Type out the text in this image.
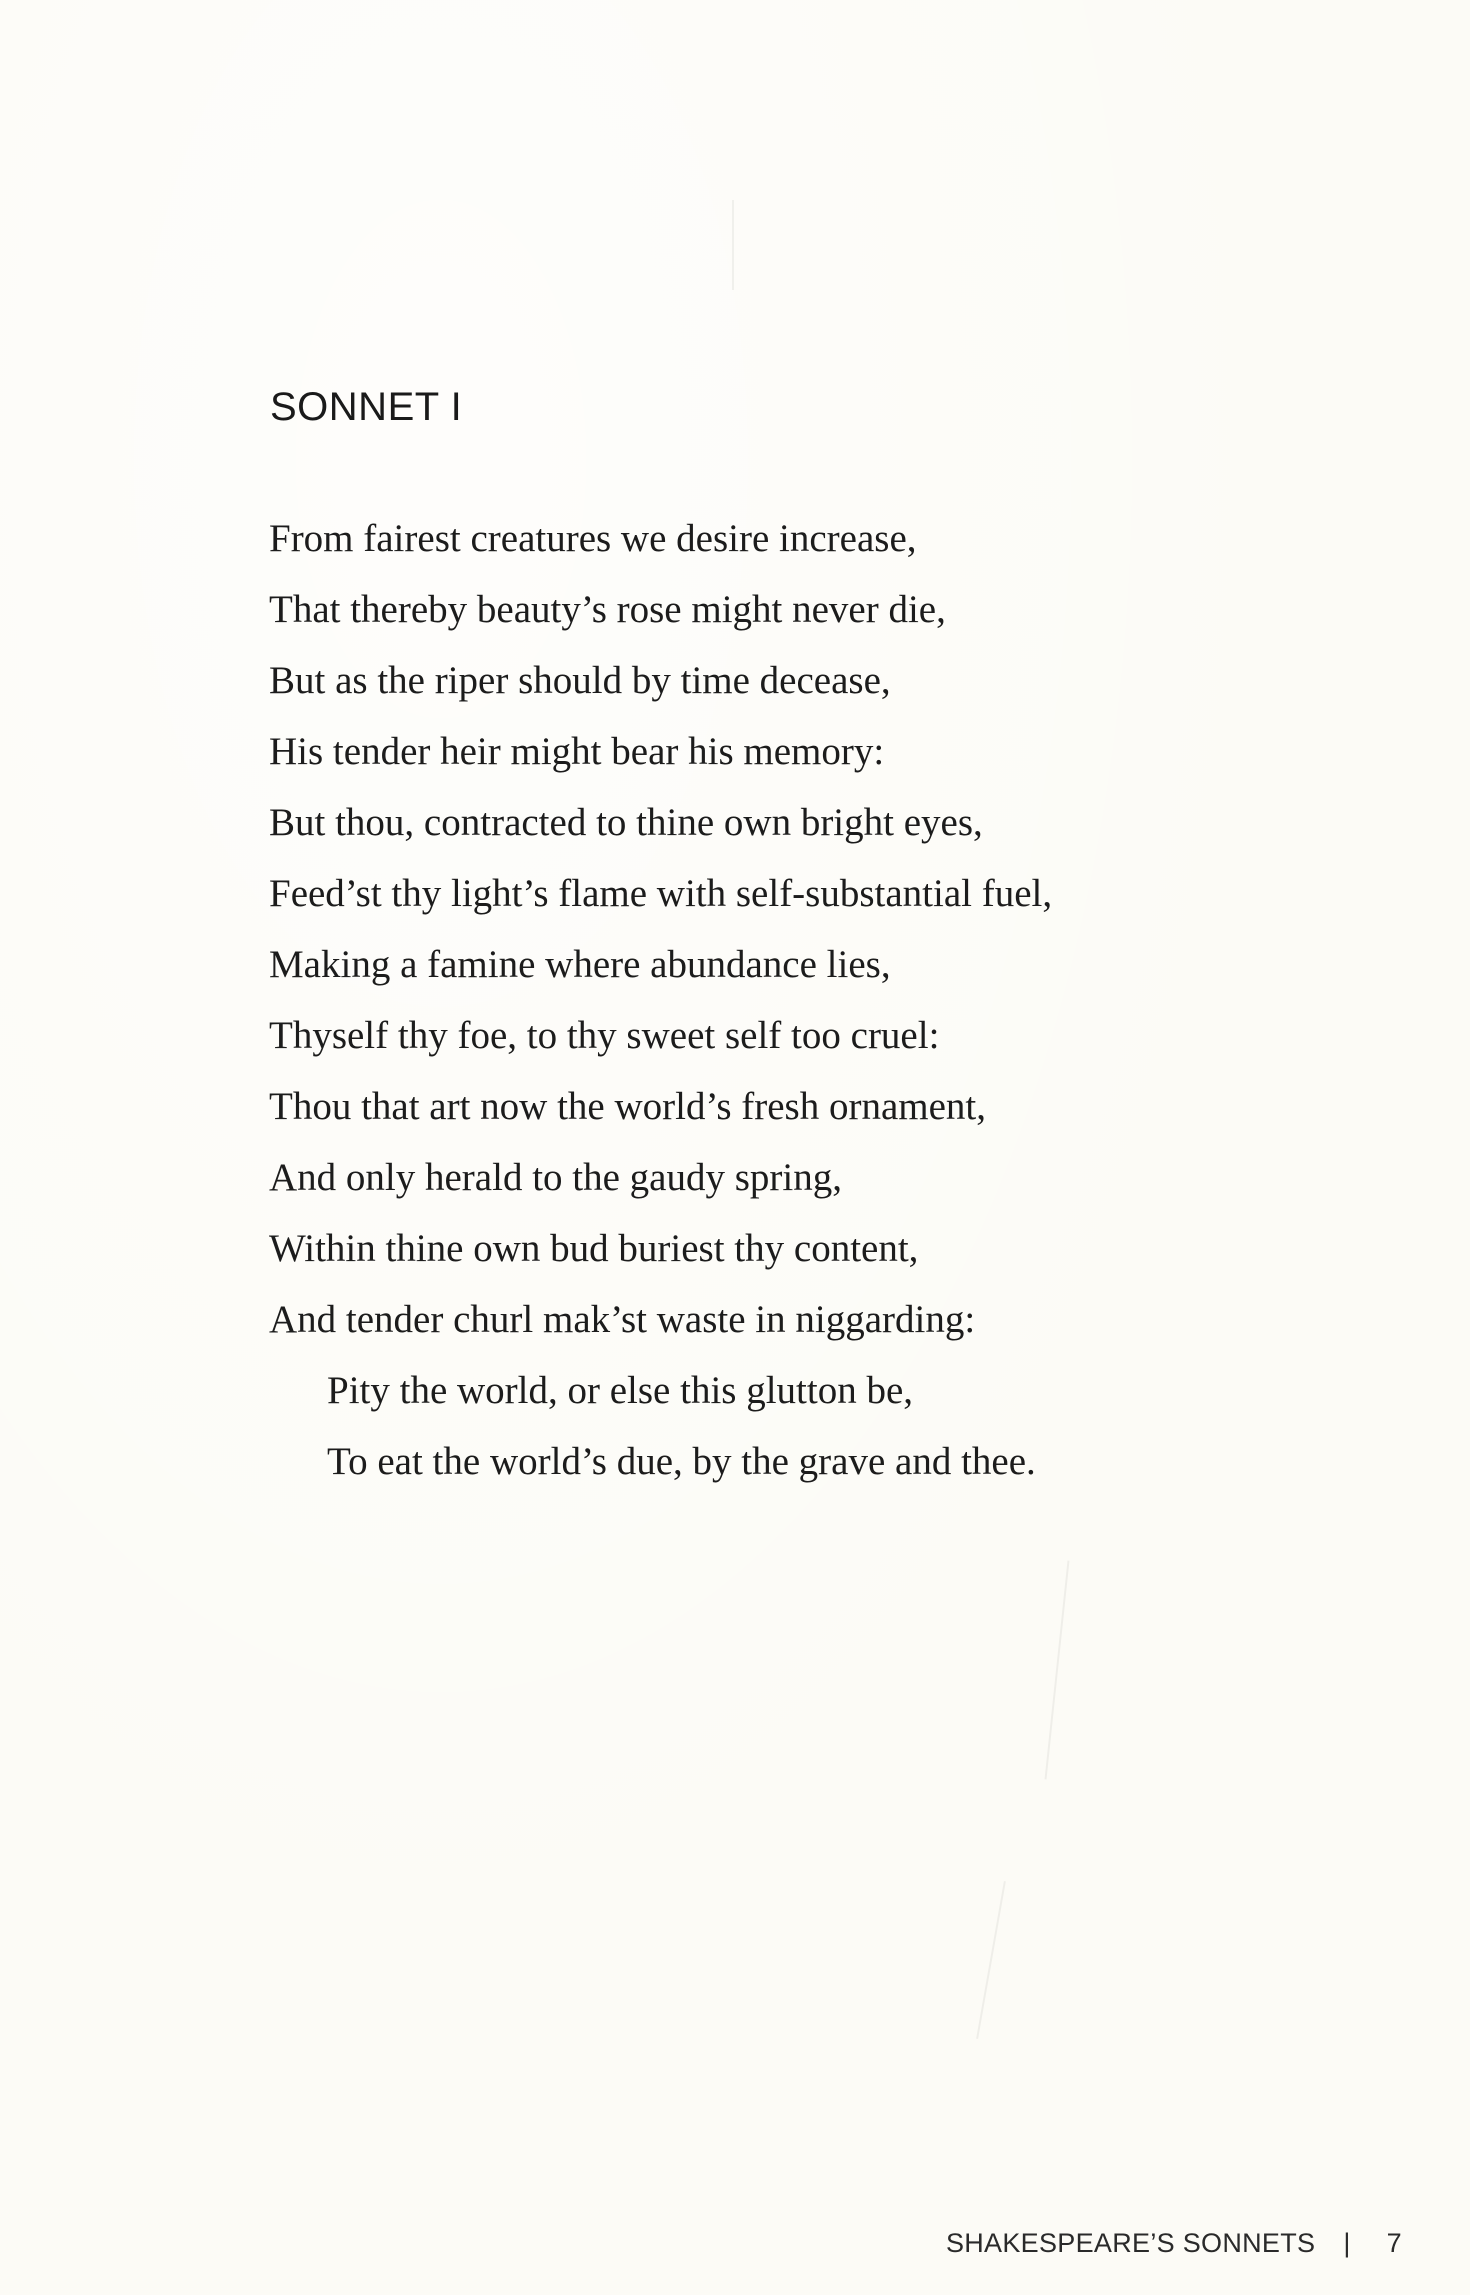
SONNET I
From fairest creatures we desire increase,
That thereby beauty’s rose might never die,
But as the riper should by time decease,
His tender heir might bear his memory:
But thou, contracted to thine own bright eyes,
Feed’st thy light’s flame with self-substantial fuel,
Making a famine where abundance lies,
Thyself thy foe, to thy sweet self too cruel:
Thou that art now the world’s fresh ornament,
And only herald to the gaudy spring,
Within thine own bud buriest thy content,
And tender churl mak’st waste in niggarding:
Pity the world, or else this glutton be,
To eat the world’s due, by the grave and thee.
SHAKESPEARE’S SONNETS | 7
